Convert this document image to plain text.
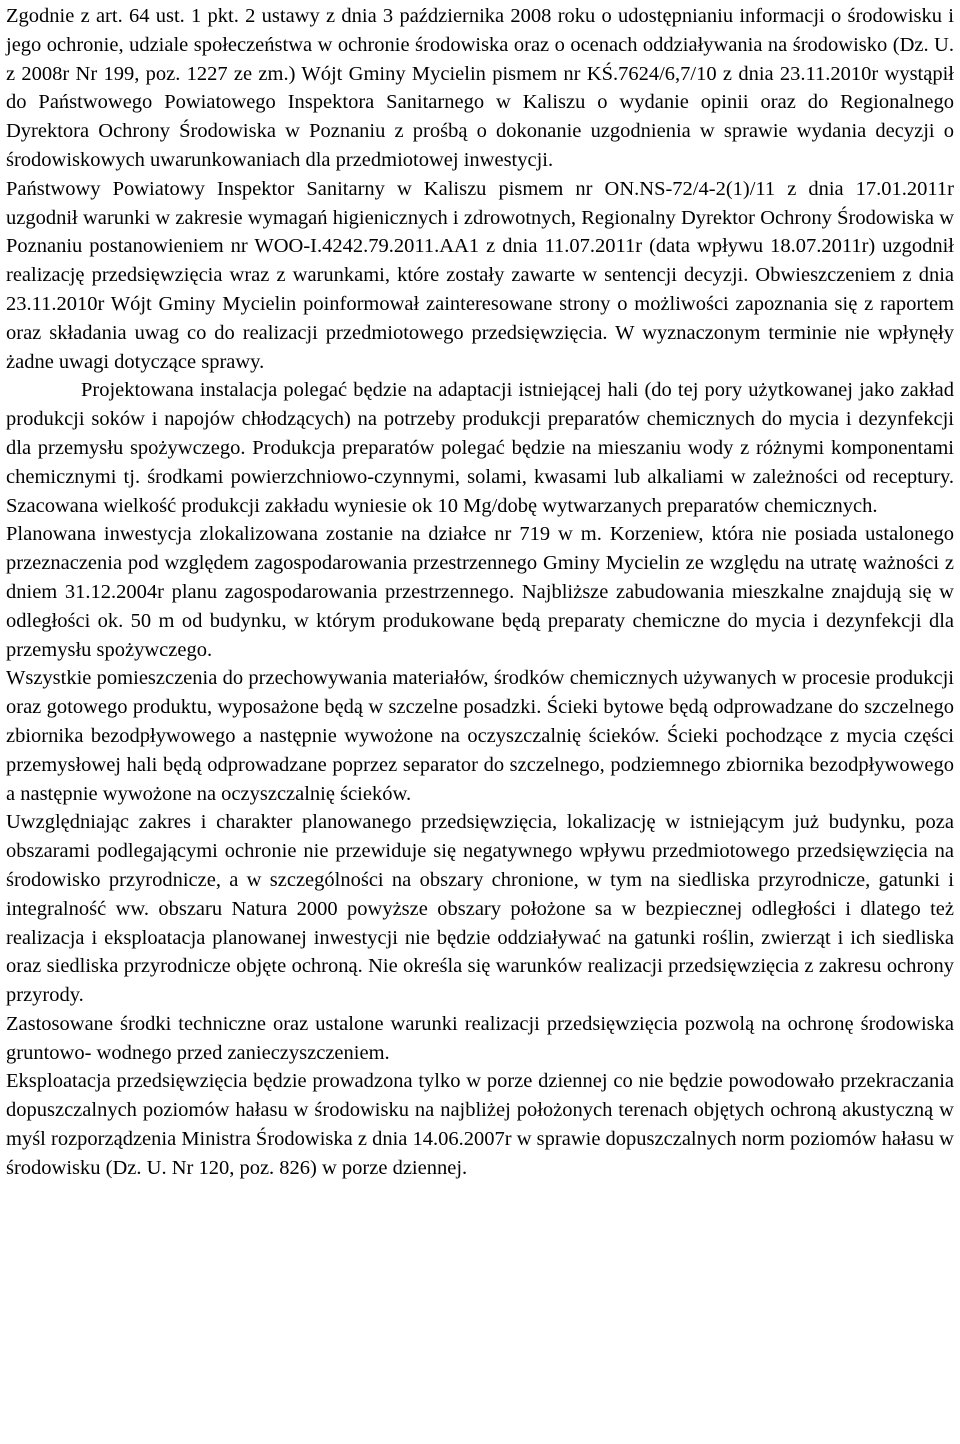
Zgodnie z art. 64 ust. 1 pkt. 2 ustawy z dnia 3 października 2008 roku o udostępnianiu informacji o środowisku i jego ochronie, udziale społeczeństwa w ochronie środowiska oraz o ocenach oddziaływania na środowisko (Dz. U. z 2008r Nr 199, poz. 1227 ze zm.) Wójt Gminy Mycielin pismem nr KŚ.7624/6,7/10 z dnia 23.11.2010r wystąpił do Państwowego Powiatowego Inspektora Sanitarnego w Kaliszu o wydanie opinii oraz do Regionalnego Dyrektora Ochrony Środowiska w Poznaniu z prośbą o dokonanie uzgodnienia w sprawie wydania decyzji o środowiskowych uwarunkowaniach dla przedmiotowej inwestycji.

Państwowy Powiatowy Inspektor Sanitarny w Kaliszu pismem nr ON.NS-72/4-2(1)/11 z dnia 17.01.2011r uzgodnił warunki w zakresie wymagań higienicznych i zdrowotnych, Regionalny Dyrektor Ochrony Środowiska w Poznaniu postanowieniem nr WOO-I.4242.79.2011.AA1 z dnia 11.07.2011r (data wpływu 18.07.2011r) uzgodnił realizację przedsięwzięcia wraz z warunkami, które zostały zawarte w sentencji decyzji. Obwieszczeniem z dnia 23.11.2010r Wójt Gminy Mycielin poinformował zainteresowane strony o możliwości zapoznania się z raportem oraz składania uwag co do realizacji przedmiotowego przedsięwzięcia. W wyznaczonym terminie nie wpłynęły żadne uwagi dotyczące sprawy.

Projektowana instalacja polegać będzie na adaptacji istniejącej hali (do tej pory użytkowanej jako zakład produkcji soków i napojów chłodzących) na potrzeby produkcji preparatów chemicznych do mycia i dezynfekcji dla przemysłu spożywczego. Produkcja preparatów polegać będzie na mieszaniu wody z różnymi komponentami chemicznymi tj. środkami powierzchniowo-czynnymi, solami, kwasami lub alkaliami w zależności od receptury. Szacowana wielkość produkcji zakładu wyniesie ok 10 Mg/dobę wytwarzanych preparatów chemicznych.

Planowana inwestycja zlokalizowana zostanie na działce nr 719 w m. Korzeniew, która nie posiada ustalonego przeznaczenia pod względem zagospodarowania przestrzennego Gminy Mycielin ze względu na utratę ważności z dniem 31.12.2004r planu zagospodarowania przestrzennego. Najbliższe zabudowania mieszkalne znajdują się w odległości ok. 50 m od budynku, w którym produkowane będą preparaty chemiczne do mycia i dezynfekcji dla przemysłu spożywczego.

Wszystkie pomieszczenia do przechowywania materiałów, środków chemicznych używanych w procesie produkcji oraz gotowego produktu, wyposażone będą w szczelne posadzki. Ścieki bytowe będą odprowadzane do szczelnego zbiornika bezodpływowego a następnie wywożone na oczyszczalnię ścieków. Ścieki pochodzące z mycia części przemysłowej hali będą odprowadzane poprzez separator do szczelnego, podziemnego zbiornika bezodpływowego a następnie wywożone na oczyszczalnię ścieków.

Uwzględniając zakres i charakter planowanego przedsięwzięcia, lokalizację w istniejącym już budynku, poza obszarami podlegającymi ochronie nie przewiduje się negatywnego wpływu przedmiotowego przedsięwzięcia na środowisko przyrodnicze, a w szczególności na obszary chronione, w tym na siedliska przyrodnicze, gatunki i integralność ww. obszaru Natura 2000 powyższe obszary położone sa w bezpiecznej odległości i dlatego też realizacja i eksploatacja planowanej inwestycji nie będzie oddziaływać na gatunki roślin, zwierząt i ich siedliska oraz siedliska przyrodnicze objęte ochroną. Nie określa się warunków realizacji przedsięwzięcia z zakresu ochrony przyrody.

Zastosowane środki techniczne oraz ustalone warunki realizacji przedsięwzięcia pozwolą na ochronę środowiska gruntowo- wodnego przed zanieczyszczeniem.

Eksploatacja przedsięwzięcia będzie prowadzona tylko w porze dziennej co nie będzie powodowało przekraczania dopuszczalnych poziomów hałasu w środowisku na najbliżej położonych terenach objętych ochroną akustyczną w myśl rozporządzenia Ministra Środowiska z dnia 14.06.2007r w sprawie dopuszczalnych norm poziomów hałasu w środowisku (Dz. U. Nr 120, poz. 826) w porze dziennej.
